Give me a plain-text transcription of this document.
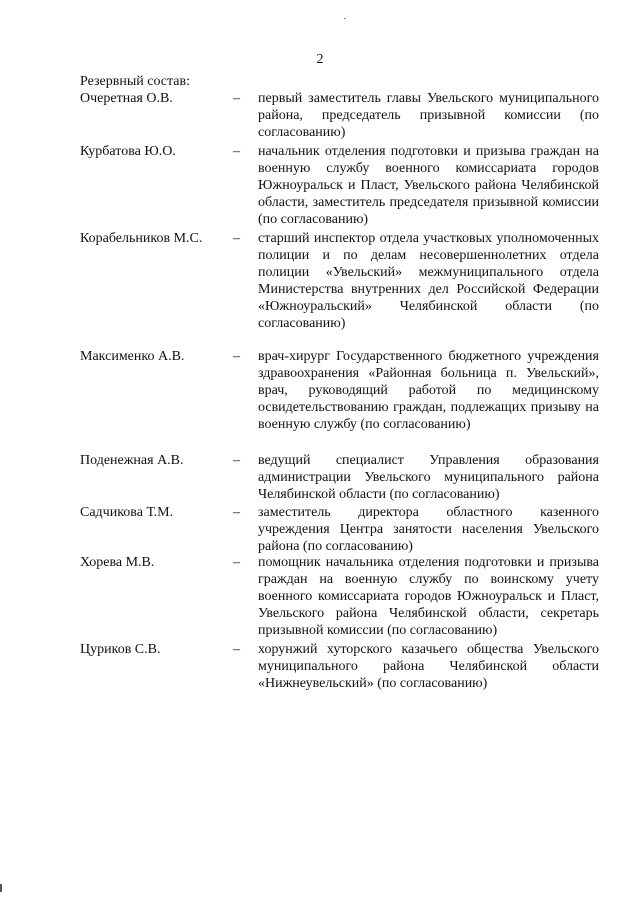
2
Резервный состав:
Очеретная О.В.	– первый заместитель главы Увельского муниципального района, председатель призывной комиссии (по согласованию)
Курбатова Ю.О.	– начальник отделения подготовки и призыва граждан на военную службу военного комиссариата городов Южноуральск и Пласт, Увельского района Челябинской области, заместитель председателя призывной комиссии (по согласованию)
Корабельников М.С. – старший инспектор отдела участковых уполномоченных полиции и по делам несовершеннолетних отдела полиции «Увельский» межмуниципального отдела Министерства внутренних дел Российской Федерации «Южноуральский» Челябинской области (по согласованию)
Максименко А.В.	– врач-хирург Государственного бюджетного учреждения здравоохранения «Районная больница п. Увельский», врач, руководящий работой по медицинскому освидетельствованию граждан, подлежащих призыву на военную службу (по согласованию)
Поденежная А.В.	– ведущий специалист Управления образования администрации Увельского муниципального района Челябинской области (по согласованию)
Садчикова Т.М.	– заместитель директора областного казенного учреждения Центра занятости населения Увельского района (по согласованию)
Хорева М.В.	– помощник начальника отделения подготовки и призыва граждан на военную службу по воинскому учету военного комиссариата городов Южноуральск и Пласт, Увельского района Челябинской области, секретарь призывной комиссии (по согласованию)
Цуриков С.В.	– хорунжий хуторского казачьего общества Увельского муниципального района Челябинской области «Нижнеувельский» (по согласованию)
